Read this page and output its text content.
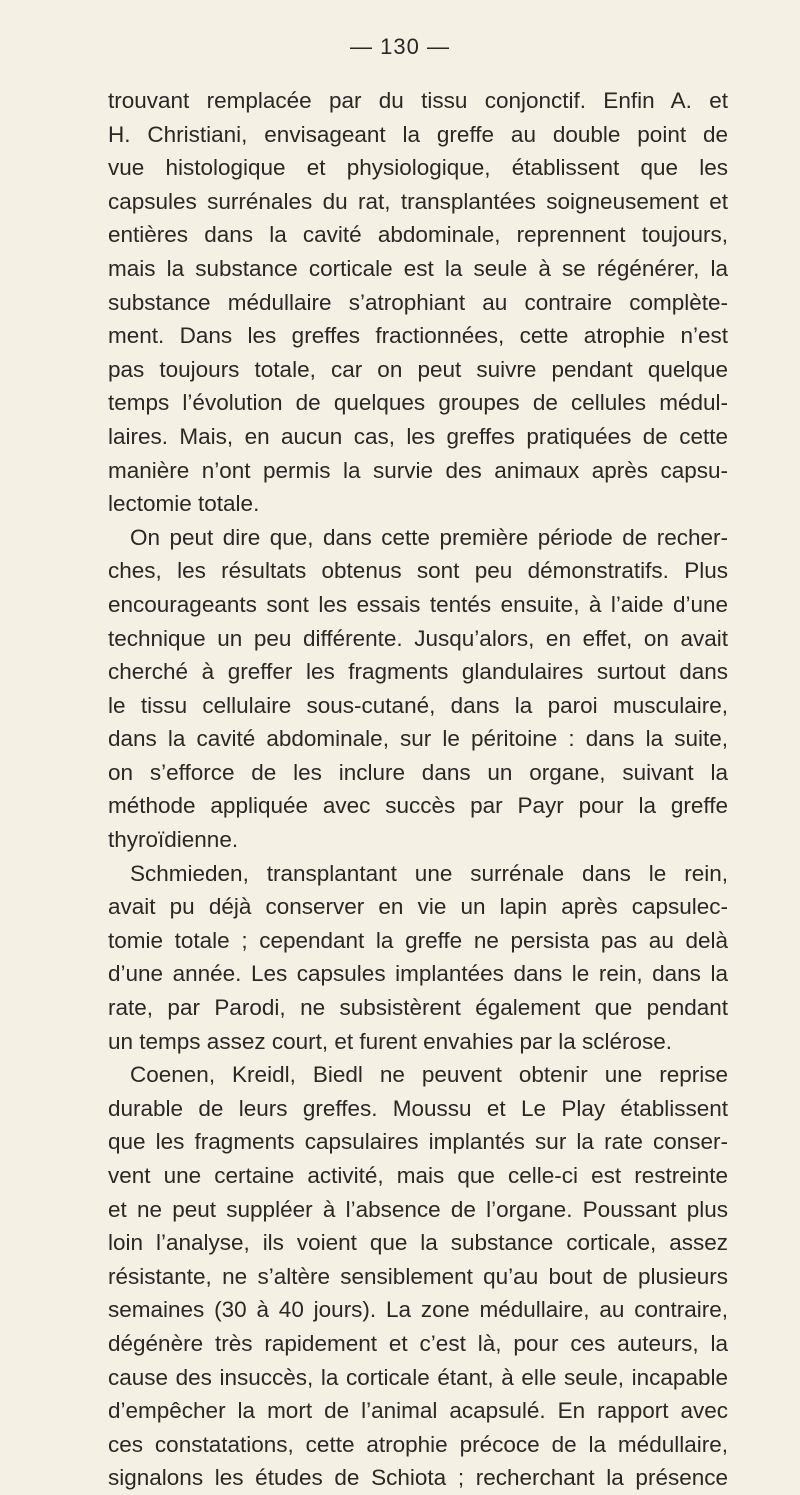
— 130 —
trouvant remplacée par du tissu conjonctif. Enfin A. et
H. Christiani, envisageant la greffe au double point de
vue histologique et physiologique, établissent que les
capsules surrénales du rat, transplantées soigneusement et
entières dans la cavité abdominale, reprennent toujours,
mais la substance corticale est la seule à se régénérer, la
substance médullaire s’atrophiant au contraire complète-
ment. Dans les greffes fractionnées, cette atrophie n’est
pas toujours totale, car on peut suivre pendant quelque
temps l’évolution de quelques groupes de cellules médul-
laires. Mais, en aucun cas, les greffes pratiquées de cette
manière n’ont permis la survie des animaux après capsu-
lectomie totale.
On peut dire que, dans cette première période de recher-
ches, les résultats obtenus sont peu démonstratifs. Plus
encourageants sont les essais tentés ensuite, à l’aide d’une
technique un peu différente. Jusqu’alors, en effet, on avait
cherché à greffer les fragments glandulaires surtout dans
le tissu cellulaire sous-cutané, dans la paroi musculaire,
dans la cavité abdominale, sur le péritoine : dans la suite,
on s’efforce de les inclure dans un organe, suivant la
méthode appliquée avec succès par Payr pour la greffe
thyroïdienne.
Schmieden, transplantant une surrénale dans le rein,
avait pu déjà conserver en vie un lapin après capsulec-
tomie totale ; cependant la greffe ne persista pas au delà
d’une année. Les capsules implantées dans le rein, dans la
rate, par Parodi, ne subsistèrent également que pendant
un temps assez court, et furent envahies par la sclérose.
Coenen, Kreidl, Biedl ne peuvent obtenir une reprise
durable de leurs greffes. Moussu et Le Play établissent
que les fragments capsulaires implantés sur la rate conser-
vent une certaine activité, mais que celle-ci est restreinte
et ne peut suppléer à l’absence de l’organe. Poussant plus
loin l’analyse, ils voient que la substance corticale, assez
résistante, ne s’altère sensiblement qu’au bout de plusieurs
semaines (30 à 40 jours). La zone médullaire, au contraire,
dégénère très rapidement et c’est là, pour ces auteurs, la
cause des insuccès, la corticale étant, à elle seule, incapable
d’empêcher la mort de l’animal acapsulé. En rapport avec
ces constatations, cette atrophie précoce de la médullaire,
signalons les études de Schiota ; recherchant la présence
